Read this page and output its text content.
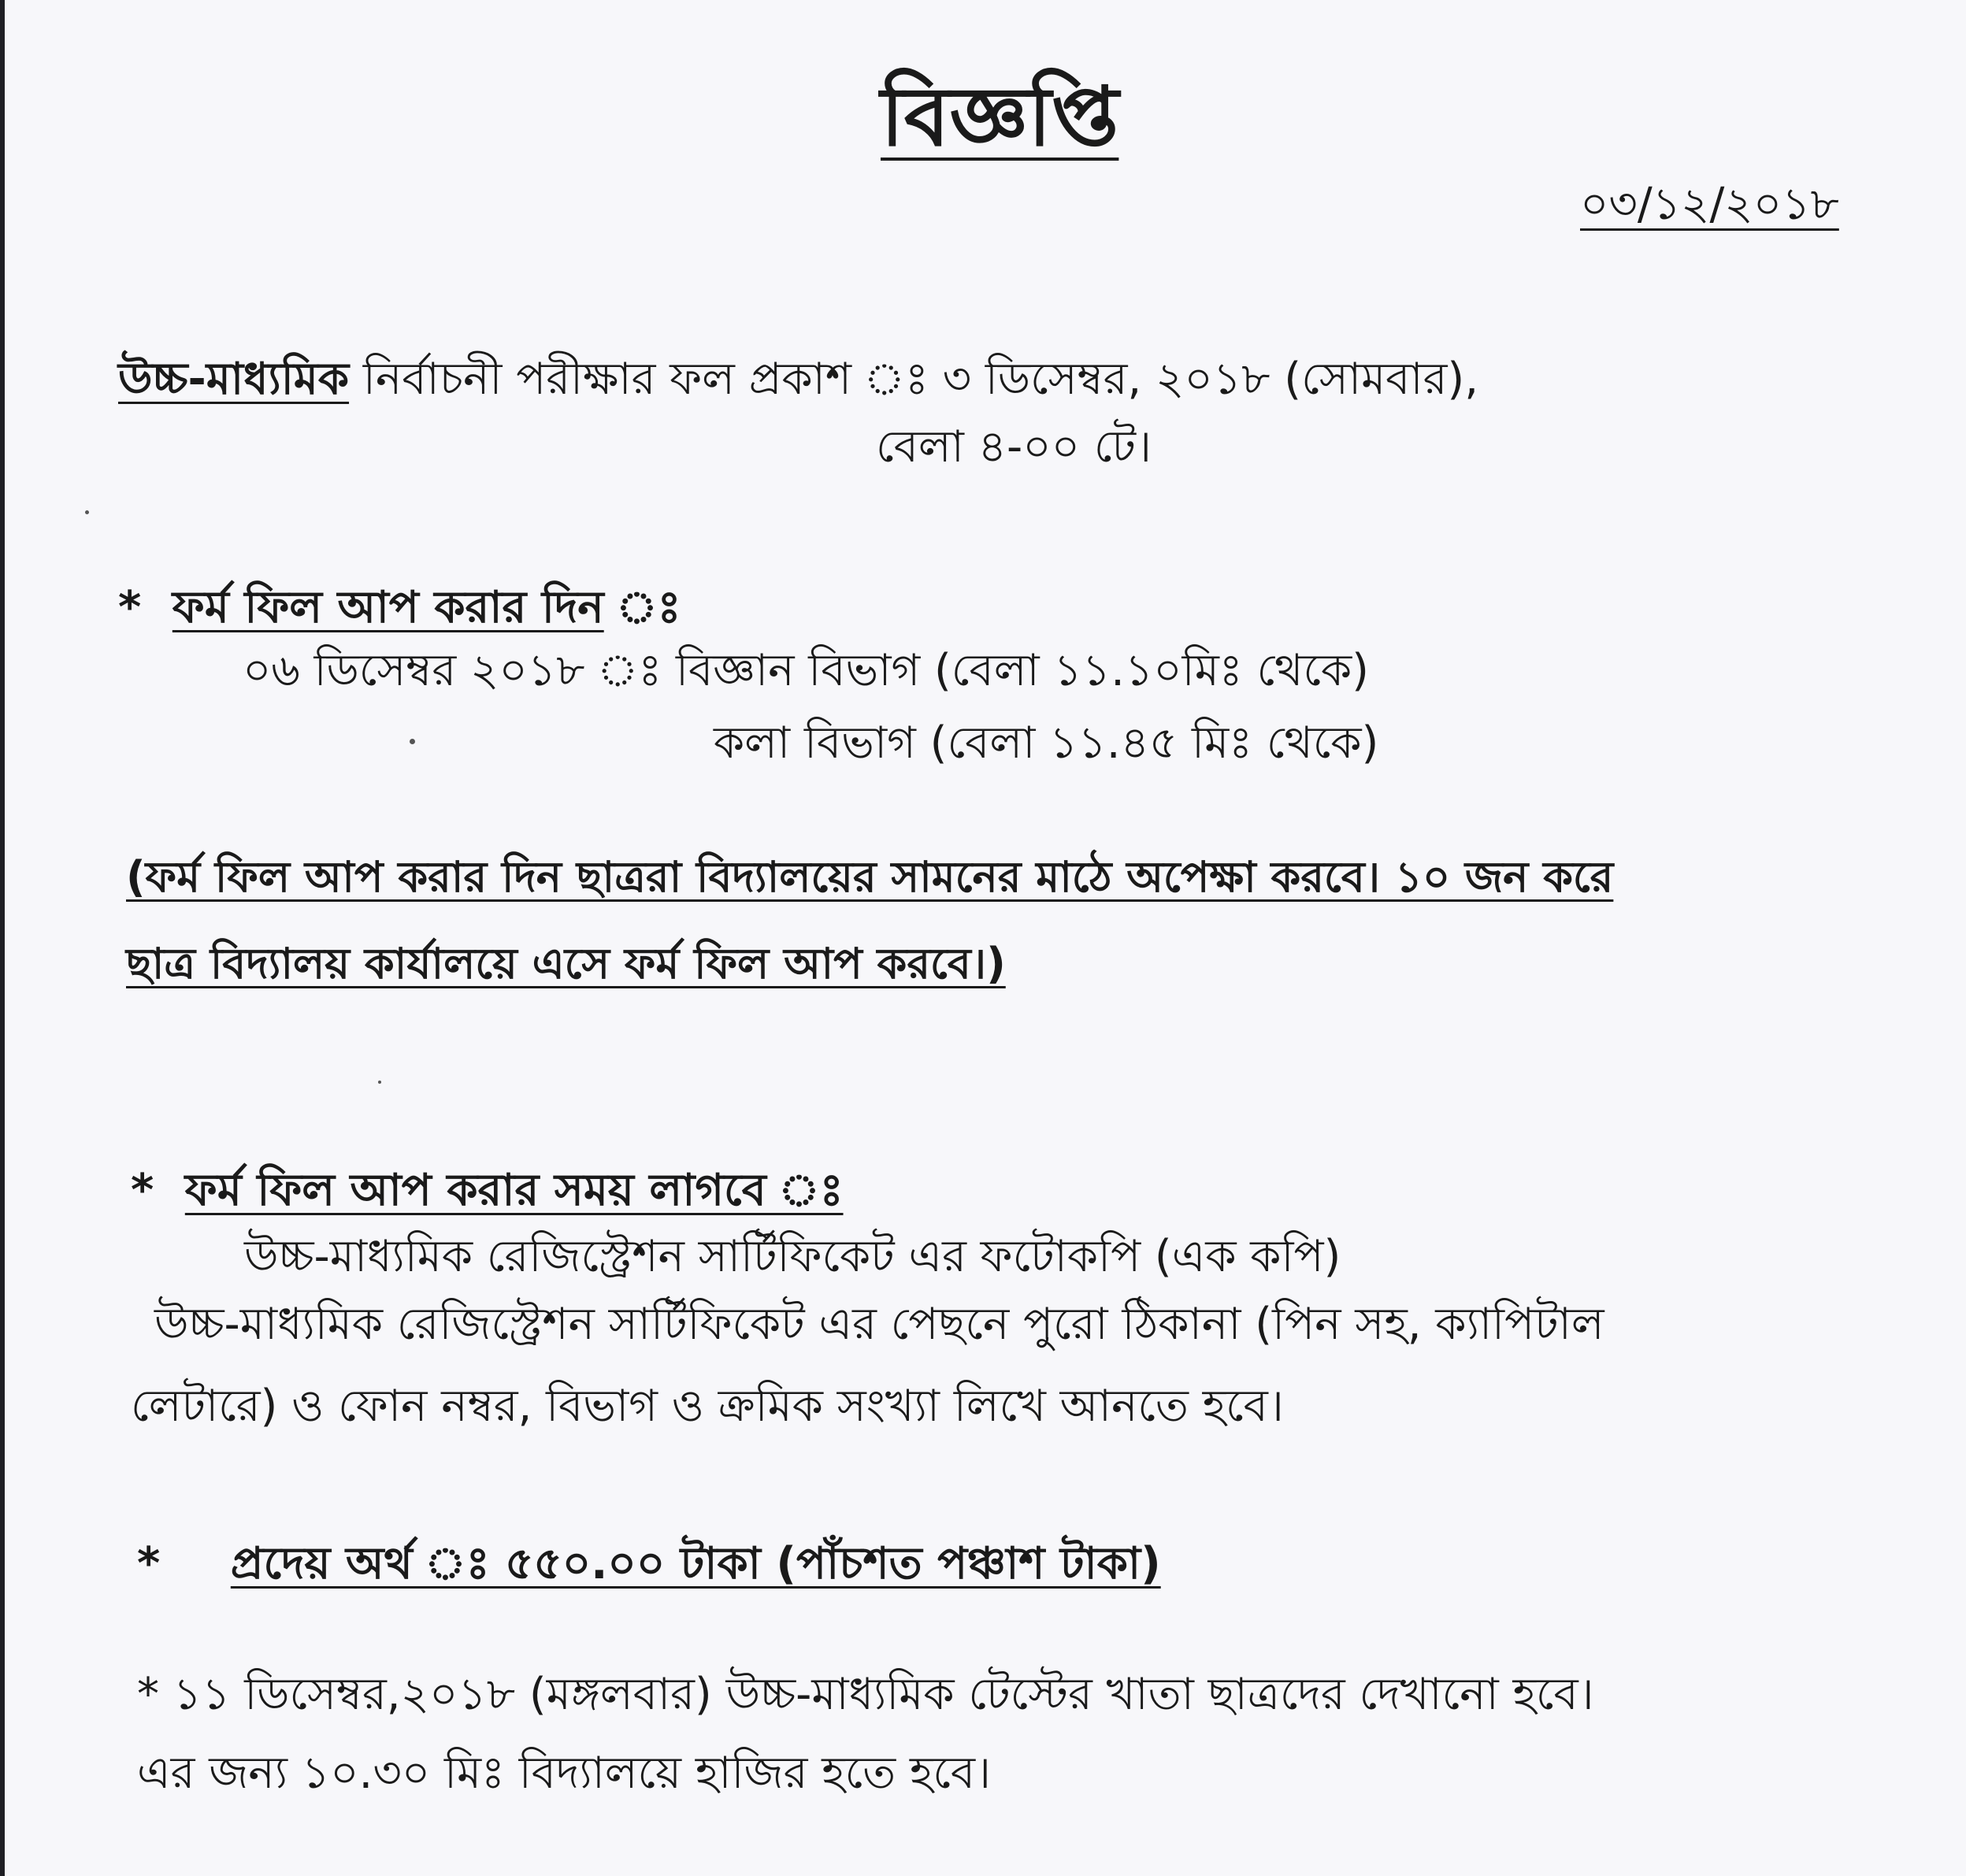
বিজ্ঞপ্তি
০৩/১২/২০১৮
উচ্চ-মাধ্যমিক নির্বাচনী পরীক্ষার ফল প্রকাশ ঃ ৩ ডিসেম্বর, ২০১৮ (সোমবার),
বেলা ৪-০০ টে।
* ফর্ম ফিল আপ করার দিন
০৬ ডিসেম্বর ২০১৮ ঃ বিজ্ঞান বিভাগ (বেলা ১১.১০মিঃ থেকে)
কলা বিভাগ (বেলা ১১.৪৫ মিঃ থেকে)
(ফর্ম ফিল আপ করার দিন ছাত্ররা বিদ্যালয়ের সামনের মাঠে অপেক্ষা করবে। ১০ জন করে
ছাত্র বিদ্যালয় কার্যালয়ে এসে ফর্ম ফিল আপ করবে।)
* ফর্ম ফিল আপ করার সময় লাগবে ঃ
উচ্চ-মাধ্যমিক রেজিস্ট্রেশন সার্টিফিকেট এর ফটোকপি (এক কপি)
উচ্চ-মাধ্যমিক রেজিস্ট্রেশন সার্টিফিকেট এর পেছনে পুরো ঠিকানা (পিন সহ, ক্যাপিটাল
লেটারে) ও ফোন নম্বর, বিভাগ ও ক্রমিক সংখ্যা লিখে আনতে হবে।
* প্রদেয় অর্থ ঃ ৫৫০.০০ টাকা (পাঁচশত পঞ্চাশ টাকা)
* ১১ ডিসেম্বর,২০১৮ (মঙ্গলবার) উচ্চ-মাধ্যমিক টেস্টের খাতা ছাত্রদের দেখানো হবে।
এর জন্য ১০.৩০ মিঃ বিদ্যালয়ে হাজির হতে হবে।
